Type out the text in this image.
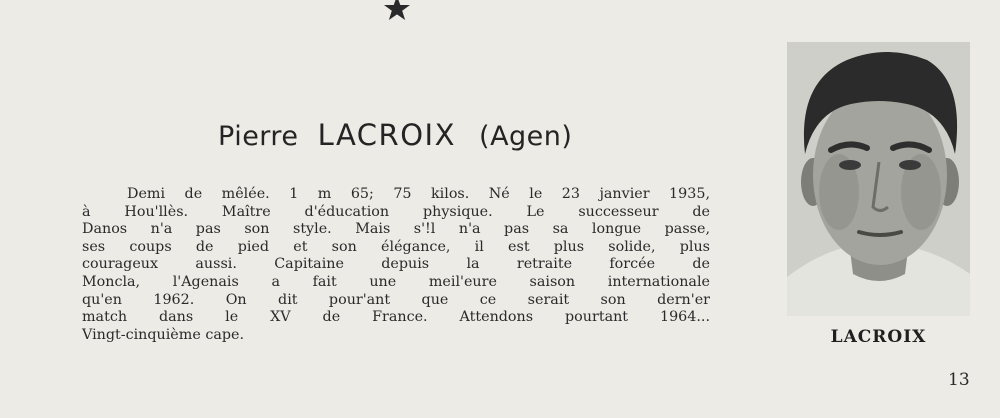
Pierre LACROIX (Agen)
Demi de mêlée. 1 m 65; 75 kilos. Né le 23 janvier 1935,
à Hou'llès. Maître d'éducation physique. Le successeur de
Danos n'a pas son style. Mais s'!l n'a pas sa longue passe,
ses coups de pied et son élégance, il est plus solide, plus
courageux aussi. Capitaine depuis la retraite forcée de
Moncla, l'Agenais a fait une meil'eure saison internationale
qu'en 1962. On dit pour'ant que ce serait son dern'er
match dans le XV de France. Attendons pourtant 1964...
Vingt-cinquième cape.	LACROIX
13
